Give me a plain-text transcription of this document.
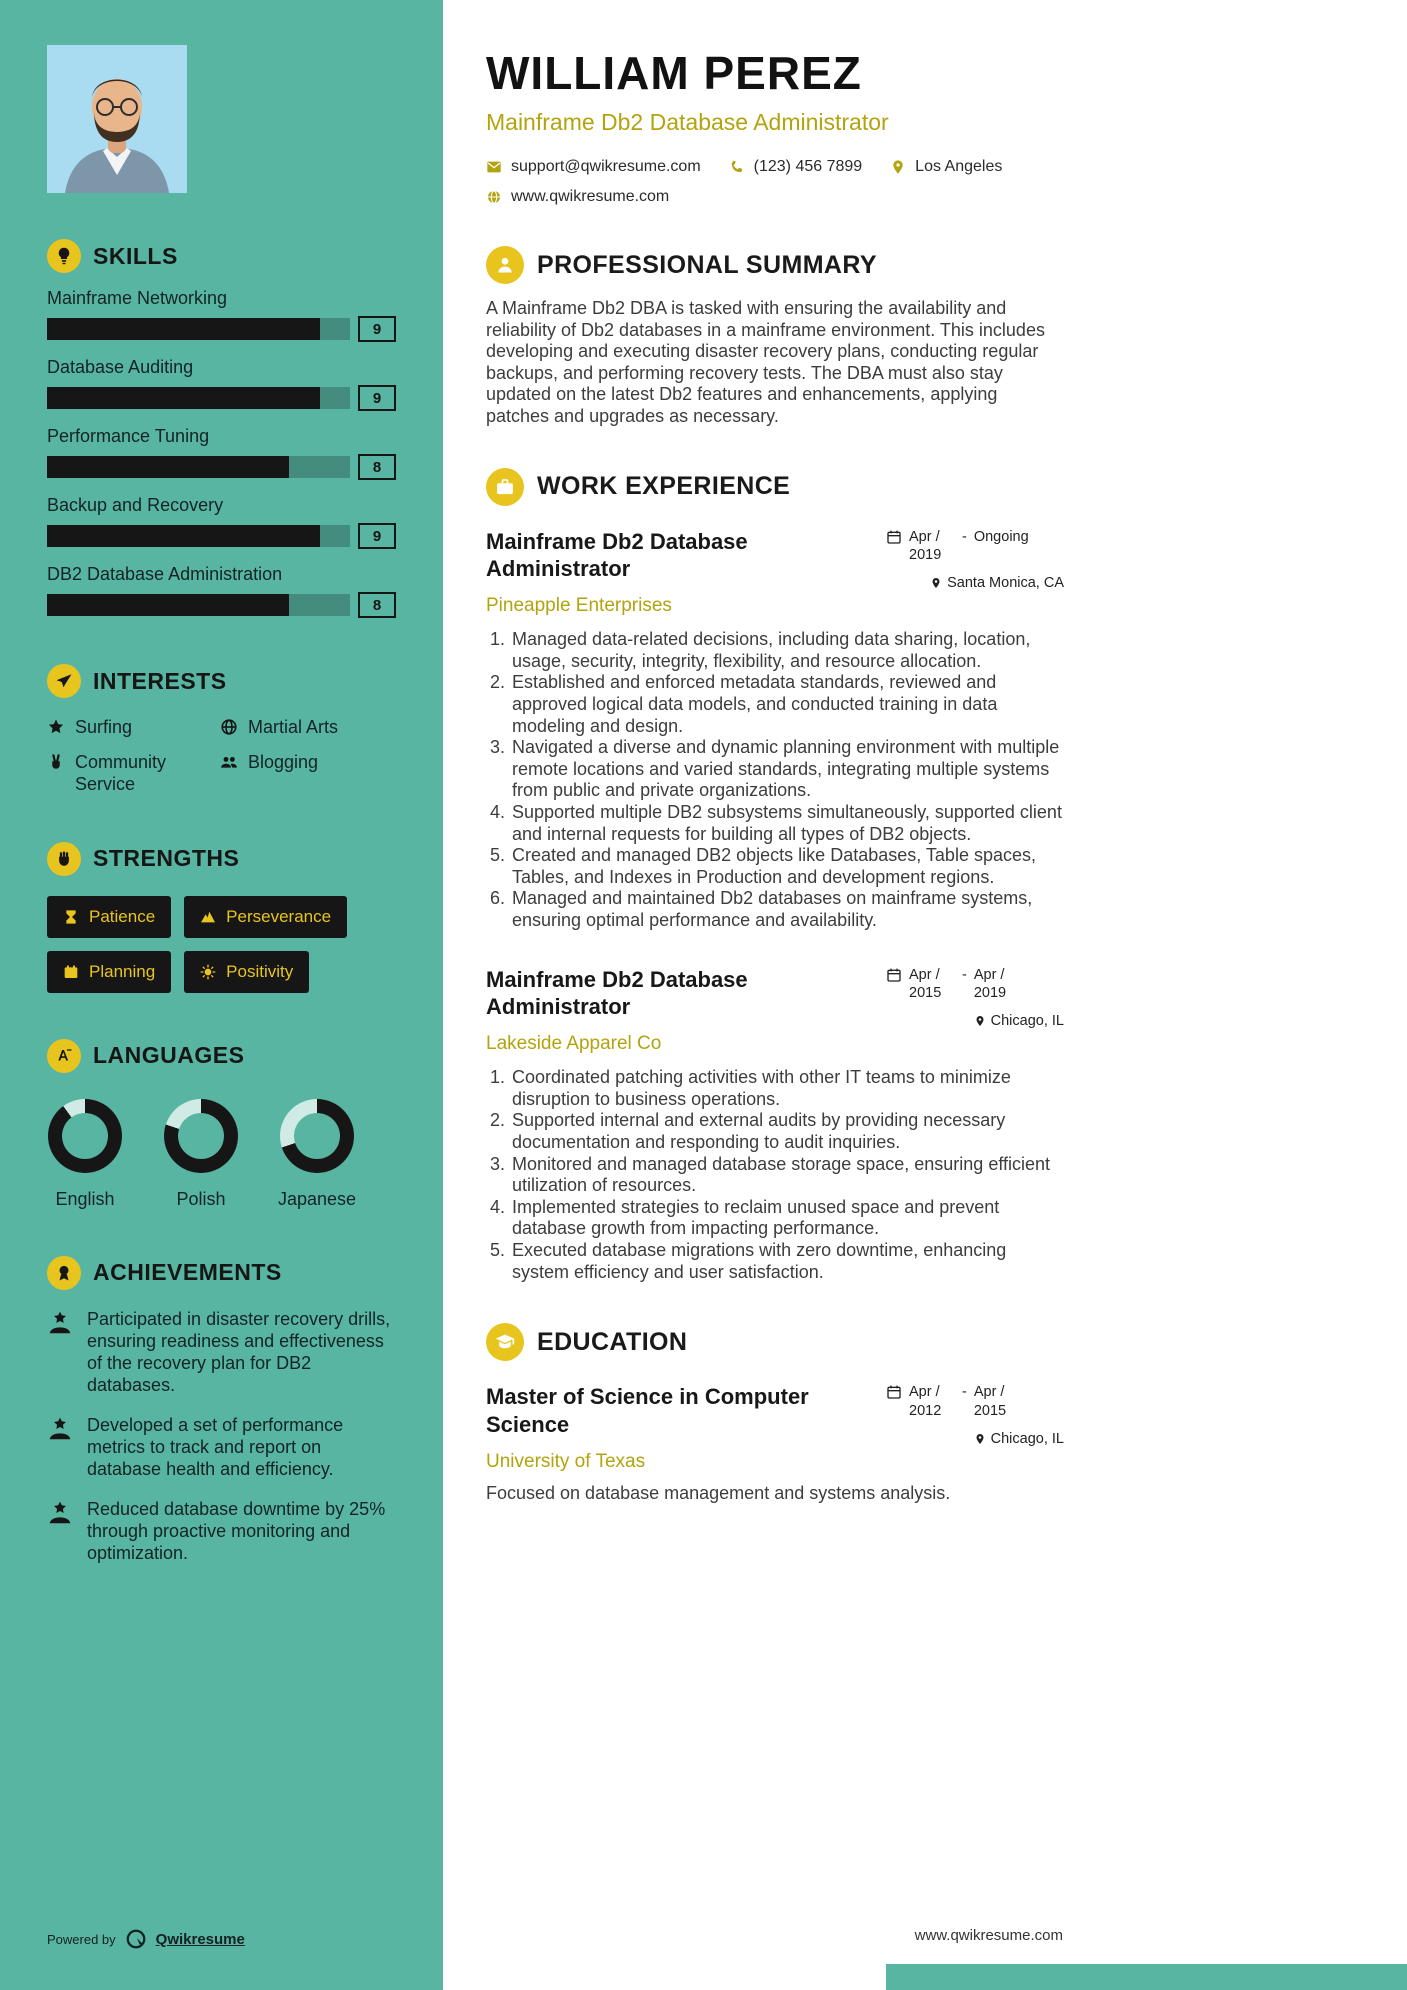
SKILLS
Mainframe Networking
9
Database Auditing
9
Performance Tuning
8
Backup and Recovery
9
DB2 Database Administration
8
INTERESTS
Surfing	Martial Arts
Community Service
Blogging
STRENGTHS
Patience	Perseverance
Planning	Positivity
LANGUAGES
English	Polish	Japanese
ACHIEVEMENTS
Participated in disaster recovery drills, ensuring readiness and effectiveness of the recovery plan for DB2 databases.
Developed a set of performance metrics to track and report on database health and efficiency.
Reduced database downtime by 25% through proactive monitoring and optimization.
Powered by	Qwikresume
WILLIAM PEREZ
Mainframe Db2 Database Administrator
support@qwikresume.com	(123) 456 7899	Los Angeles
www.qwikresume.com
PROFESSIONAL SUMMARY

A Mainframe Db2 DBA is tasked with ensuring the availability and reliability of Db2 databases in a mainframe environment. This includes developing and executing disaster recovery plans, conducting regular backups, and performing recovery tests. The DBA must also stay updated on the latest Db2 features and enhancements, applying patches and upgrades as necessary.

WORK EXPERIENCE
Mainframe Db2 Database Administrator
Apr / 2019
- Ongoing
Santa Monica, CA
Pineapple Enterprises
1. Managed data-related decisions, including data sharing, location, usage, security, integrity, flexibility, and resource allocation.
2. Established and enforced metadata standards, reviewed and approved logical data models, and conducted training in data modeling and design.
3. Navigated a diverse and dynamic planning environment with multiple remote locations and varied standards, integrating multiple systems from public and private organizations.
4. Supported multiple DB2 subsystems simultaneously, supported client and internal requests for building all types of DB2 objects.
5. Created and managed DB2 objects like Databases, Table spaces, Tables, and Indexes in Production and development regions.
6. Managed and maintained Db2 databases on mainframe systems, ensuring optimal performance and availability.
Mainframe Db2 Database Administrator
Apr / 2015
- Apr / 2019
Chicago, IL
Lakeside Apparel Co
1. Coordinated patching activities with other IT teams to minimize disruption to business operations.
2. Supported internal and external audits by providing necessary documentation and responding to audit inquiries.
3. Monitored and managed database storage space, ensuring efficient utilization of resources.
4. Implemented strategies to reclaim unused space and prevent database growth from impacting performance.
5. Executed database migrations with zero downtime, enhancing system efficiency and user satisfaction.
EDUCATION
Master of Science in Computer Science
Apr / 2012
- Apr / 2015
Chicago, IL
University of Texas

Focused on database management and systems analysis.

www.qwikresume.com
